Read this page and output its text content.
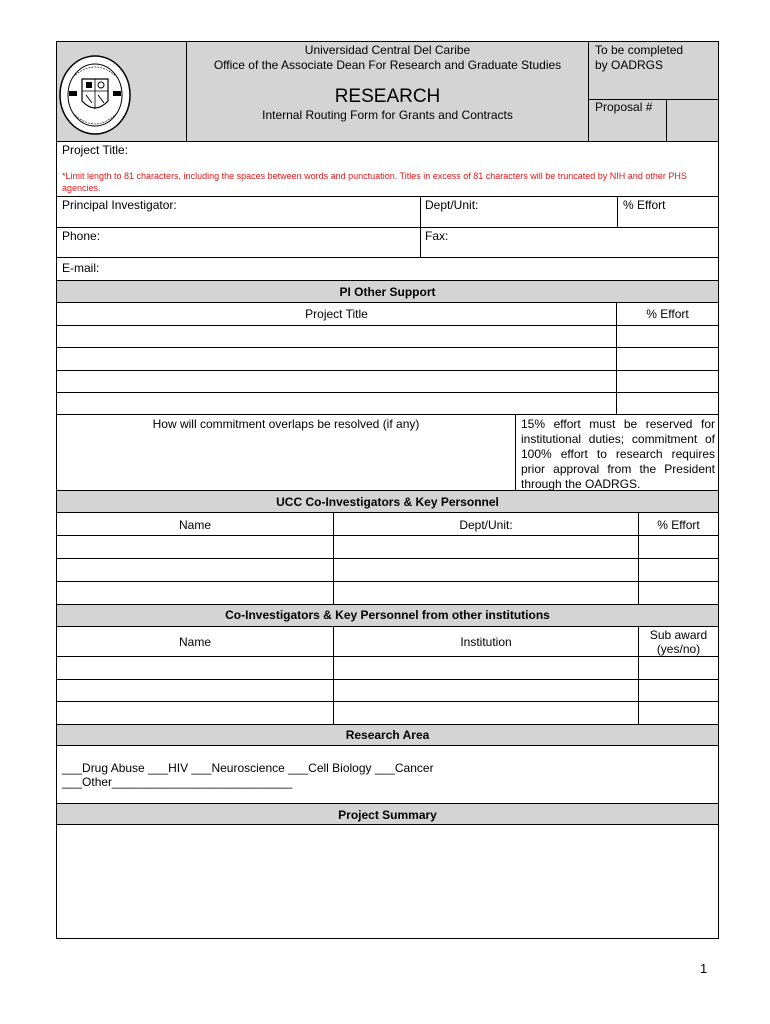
Universidad Central Del Caribe
Office of the Associate Dean For Research and Graduate Studies
RESEARCH
Internal Routing Form for Grants and Contracts
To be completed
by OADRGS
Proposal #
Project Title:
*Limit length to 81 characters, including the spaces between words and punctuation. Titles in excess of 81 characters will be truncated by NIH and other PHS agencies.
Principal Investigator:	Dept/Unit:	% Effort
Phone:	Fax:
E-mail:
PI Other Support
Project Title	% Effort
How will commitment overlaps be resolved (if any)	15% effort must be reserved for institutional duties; commitment of 100% effort to research requires prior approval from the President through the OADRGS.
UCC Co-Investigators & Key Personnel
Name	Dept/Unit:	% Effort
Co-Investigators & Key Personnel from other institutions
Name	Institution	Sub award
(yes/no)
Research Area
___Drug Abuse ___HIV ___Neuroscience ___Cell Biology ___Cancer
___Other___________________________
Project Summary
1
